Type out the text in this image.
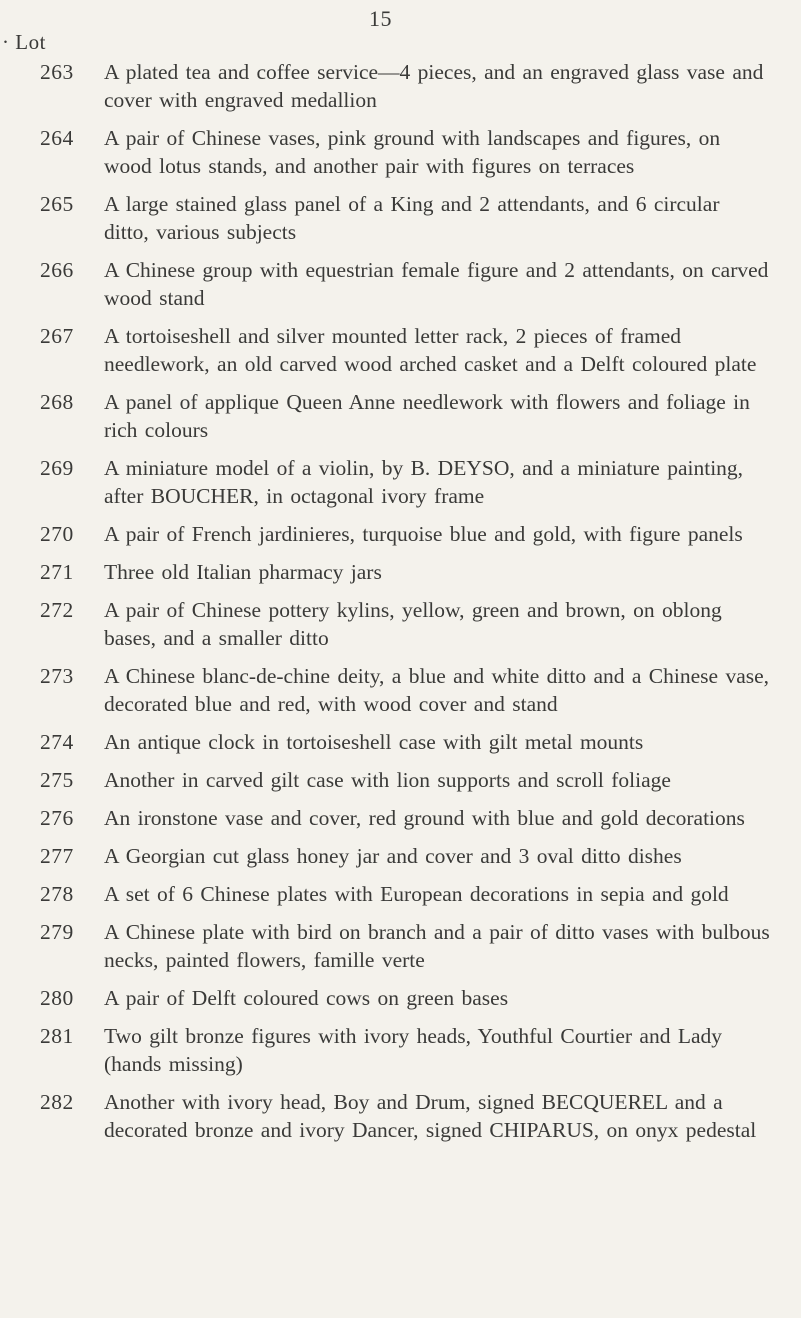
15
· Lot
263	A plated tea and coffee service—4 pieces, and an engraved glass vase and cover with engraved medallion
264	A pair of Chinese vases, pink ground with landscapes and figures, on wood lotus stands, and another pair with figures on terraces
265	A large stained glass panel of a King and 2 attendants, and 6 circular ditto, various subjects
266	A Chinese group with equestrian female figure and 2 attendants, on carved wood stand
267	A tortoiseshell and silver mounted letter rack, 2 pieces of framed needlework, an old carved wood arched casket and a Delft coloured plate
268	A panel of applique Queen Anne needlework with flowers and foliage in rich colours
269	A miniature model of a violin, by B. DEYSO, and a miniature painting, after BOUCHER, in octagonal ivory frame
270	A pair of French jardinieres, turquoise blue and gold, with figure panels
271	Three old Italian pharmacy jars
272	A pair of Chinese pottery kylins, yellow, green and brown, on oblong bases, and a smaller ditto
273	A Chinese blanc-de-chine deity, a blue and white ditto and a Chinese vase, decorated blue and red, with wood cover and stand
274	An antique clock in tortoiseshell case with gilt metal mounts
275	Another in carved gilt case with lion supports and scroll foliage
276	An ironstone vase and cover, red ground with blue and gold decorations
277	A Georgian cut glass honey jar and cover and 3 oval ditto dishes
278	A set of 6 Chinese plates with European decorations in sepia and gold
279	A Chinese plate with bird on branch and a pair of ditto vases with bulbous necks, painted flowers, famille verte
280	A pair of Delft coloured cows on green bases
281	Two gilt bronze figures with ivory heads, Youthful Courtier and Lady (hands missing)
282	Another with ivory head, Boy and Drum, signed BECQUEREL and a decorated bronze and ivory Dancer, signed CHIPARUS, on onyx pedestal
